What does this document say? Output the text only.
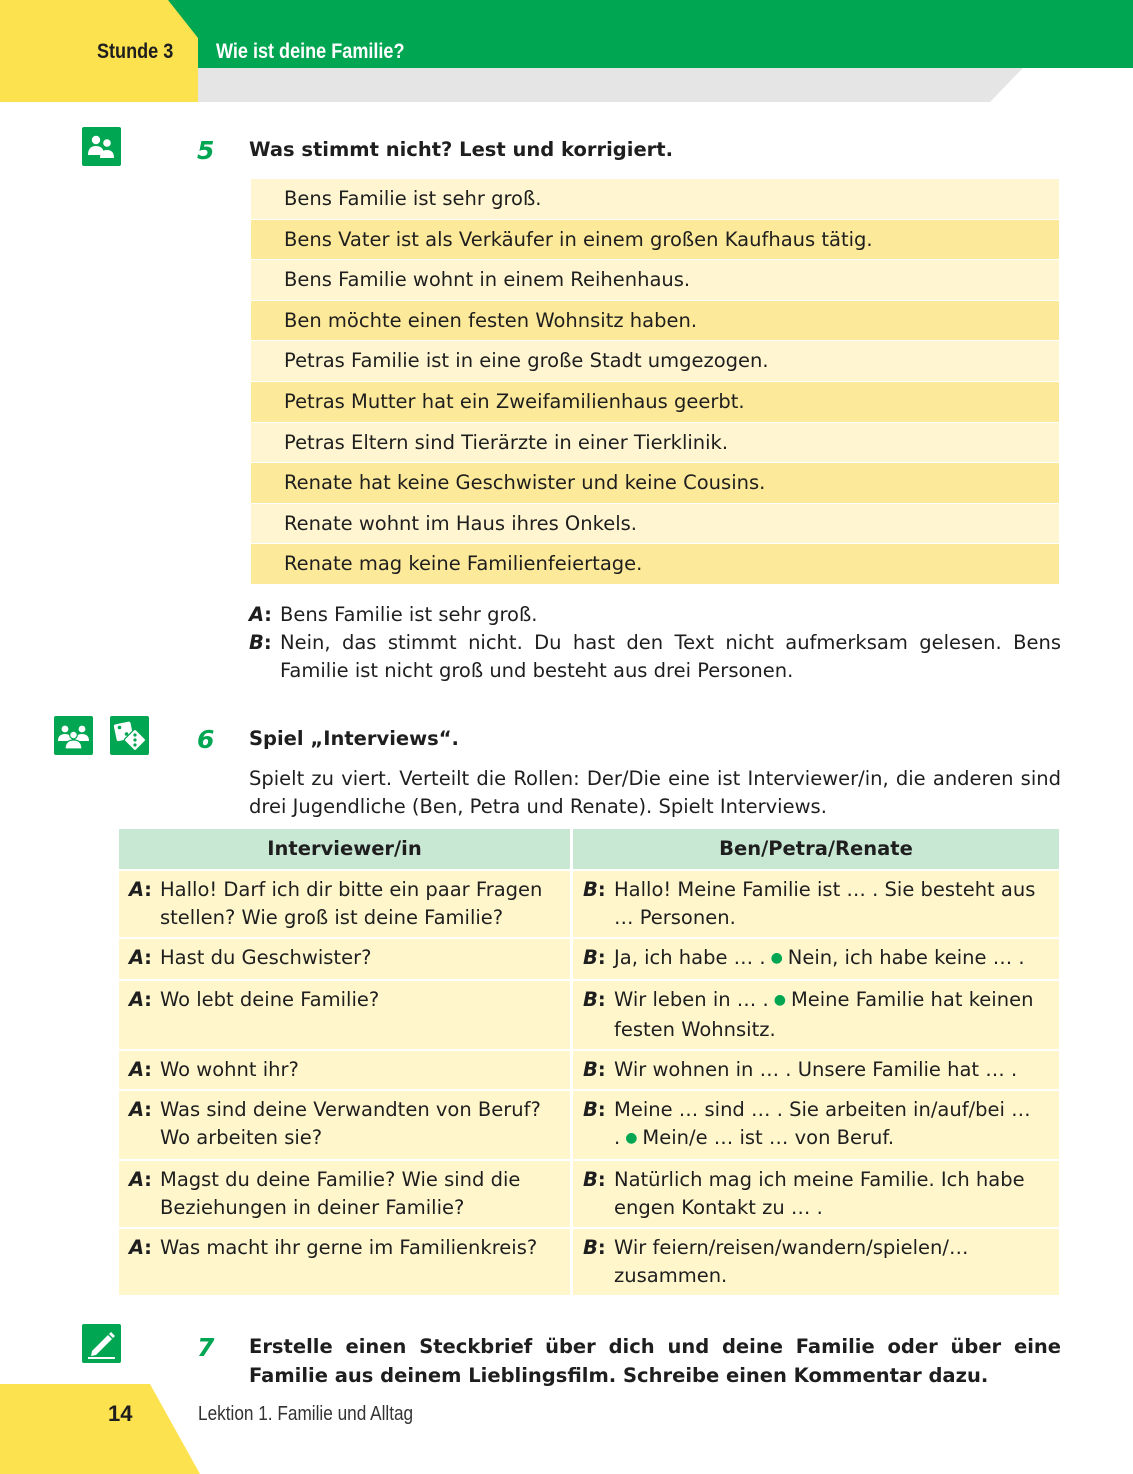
Stunde 3 Wie ist deine Familie?
5 Was stimmt nicht? Lest und korrigiert.
Bens Familie ist sehr groß.
Bens Vater ist als Verkäufer in einem großen Kaufhaus tätig.
Bens Familie wohnt in einem Reihenhaus.
Ben möchte einen festen Wohnsitz haben.
Petras Familie ist in eine große Stadt umgezogen.
Petras Mutter hat ein Zweifamilienhaus geerbt.
Petras Eltern sind Tierärzte in einer Tierklinik.
Renate hat keine Geschwister und keine Cousins.
Renate wohnt im Haus ihres Onkels.
Renate mag keine Familienfeiertage.
A: Bens Familie ist sehr groß.
B: Nein, das stimmt nicht. Du hast den Text nicht aufmerksam gelesen. Bens Familie ist nicht groß und besteht aus drei Personen.
6 Spiel „Interviews“.
Spielt zu viert. Verteilt die Rollen: Der/Die eine ist Interviewer/in, die anderen sind drei Jugendliche (Ben, Petra und Renate). Spielt Interviews.
Interviewer/in	Ben/Petra/Renate
A: Hallo! Darf ich dir bitte ein paar Fragen stellen? Wie groß ist deine Familie?
B: Hallo! Meine Familie ist … . Sie besteht aus … Personen.
A: Hast du Geschwister?	B: Ja, ich habe … . ● Nein, ich habe keine … .
A: Wo lebt deine Familie?	B: Wir leben in … . ● Meine Familie hat keinen festen Wohnsitz.
A: Wo wohnt ihr?	B: Wir wohnen in … . Unsere Familie hat … .
A: Was sind deine Verwandten von Beruf? Wo arbeiten sie?
B: Meine … sind … . Sie arbeiten in/auf/bei … . ● Mein/e … ist … von Beruf.
A: Magst du deine Familie? Wie sind die Beziehungen in deiner Familie?
B: Natürlich mag ich meine Familie. Ich habe engen Kontakt zu … .
A: Was macht ihr gerne im Familienkreis?	B: Wir feiern/reisen/wandern/spielen/… zusammen.
7 Erstelle einen Steckbrief über dich und deine Familie oder über eine Familie aus deinem Lieblingsfilm. Schreibe einen Kommentar dazu.
14	Lektion 1. Familie und Alltag
